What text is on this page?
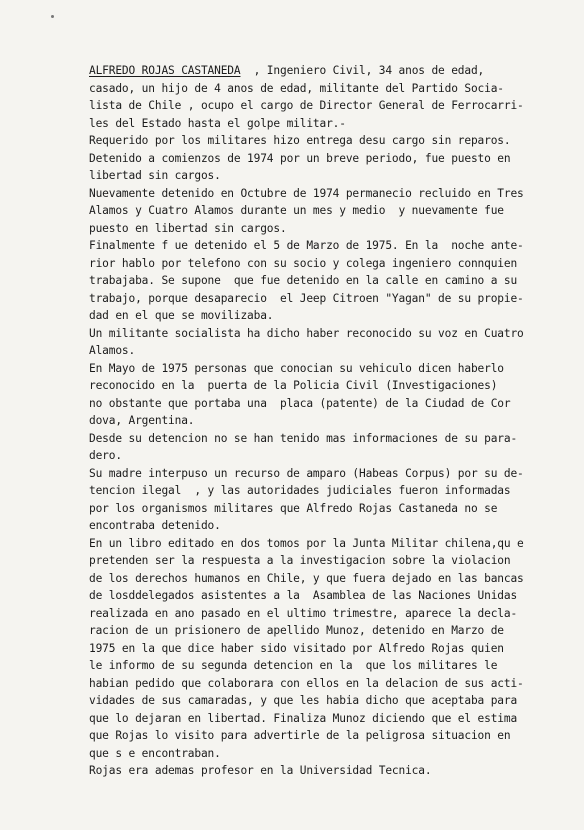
ALFREDO ROJAS CASTANEDA  , Ingeniero Civil, 34 anos de edad,
casado, un hijo de 4 anos de edad, militante del Partido Socia-
lista de Chile , ocupo el cargo de Director General de Ferrocarri-
les del Estado hasta el golpe militar.-
Requerido por los militares hizo entrega desu cargo sin reparos.
Detenido a comienzos de 1974 por un breve periodo, fue puesto en
libertad sin cargos.
Nuevamente detenido en Octubre de 1974 permanecio recluido en Tres
Alamos y Cuatro Alamos durante un mes y medio  y nuevamente fue
puesto en libertad sin cargos.
Finalmente f ue detenido el 5 de Marzo de 1975. En la  noche ante-
rior hablo por telefono con su socio y colega ingeniero connquien
trabajaba. Se supone  que fue detenido en la calle en camino a su
trabajo, porque desaparecio  el Jeep Citroen "Yagan" de su propie-
dad en el que se movilizaba.
Un militante socialista ha dicho haber reconocido su voz en Cuatro
Alamos.
En Mayo de 1975 personas que conocian su vehiculo dicen haberlo
reconocido en la  puerta de la Policia Civil (Investigaciones)
no obstante que portaba una  placa (patente) de la Ciudad de Cor
dova, Argentina.
Desde su detencion no se han tenido mas informaciones de su para-
dero.
Su madre interpuso un recurso de amparo (Habeas Corpus) por su de-
tencion ilegal  , y las autoridades judiciales fueron informadas
por los organismos militares que Alfredo Rojas Castaneda no se
encontraba detenido.
En un libro editado en dos tomos por la Junta Militar chilena,qu e
pretenden ser la respuesta a la investigacion sobre la violacion
de los derechos humanos en Chile, y que fuera dejado en las bancas
de losddelegados asistentes a la  Asamblea de las Naciones Unidas
realizada en ano pasado en el ultimo trimestre, aparece la decla-
racion de un prisionero de apellido Munoz, detenido en Marzo de
1975 en la que dice haber sido visitado por Alfredo Rojas quien
le informo de su segunda detencion en la  que los militares le
habian pedido que colaborara con ellos en la delacion de sus acti-
vidades de sus camaradas, y que les habia dicho que aceptaba para
que lo dejaran en libertad. Finaliza Munoz diciendo que el estima
que Rojas lo visito para advertirle de la peligrosa situacion en
que s e encontraban.
Rojas era ademas profesor en la Universidad Tecnica.
